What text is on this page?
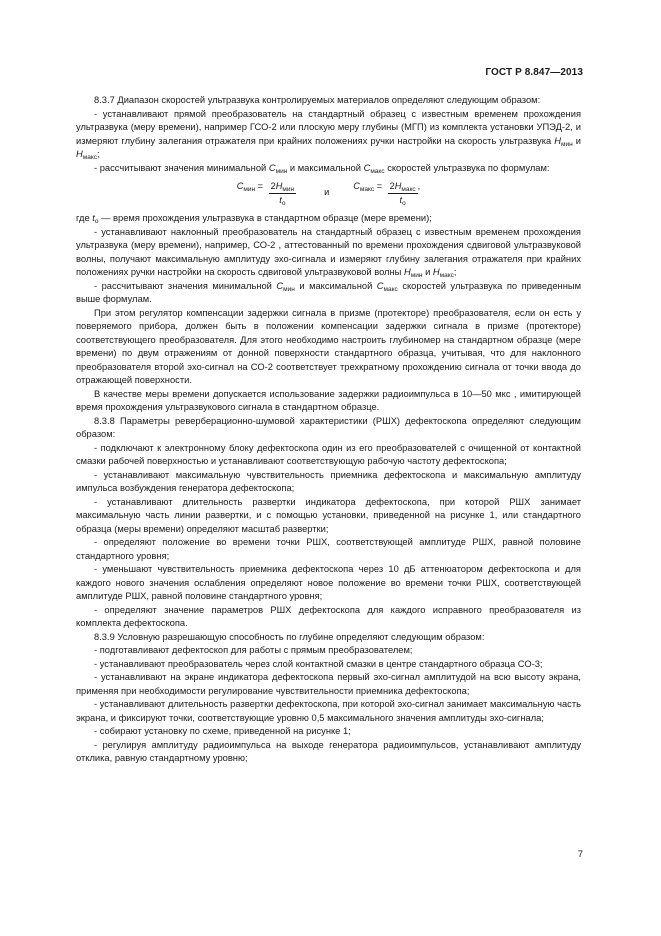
ГОСТ Р 8.847—2013

8.3.7 Диапазон скоростей ультразвука контролируемых материалов определяют следующим образом:

- устанавливают прямой преобразователь на стандартный образец с известным временем прохождения ультразвука (меру времени), например ГСО-2 или плоскую меру глубины (МГП) из комплекта установки УПЭД-2, и измеряют глубину залегания отражателя при крайних положениях ручки настройки на скорость ультразвука $H_{мин}$ и $H_{макс}$;

- рассчитывают значения минимальной $C_{мин}$ и максимальной $C_{макс}$ скоростей ультразвука по формулам:

$C_{мин} = \frac{2H_{мин}}{t_o}$	и
$C_{макс} = \frac{2H_{макс}}{t_o}$ ,

где $t_o$ — время прохождения ультразвука в стандартном образце (мере времени);

- устанавливают наклонный преобразователь на стандартный образец с известным временем прохождения ультразвука (меру времени), например, СО-2 , аттестованный по времени прохождения сдвиговой ультразвуковой волны, получают максимальную амплитуду эхо-сигнала и измеряют глубину залегания отражателя при крайних положениях ручки настройки на скорость сдвиговой ультразвуковой волны $H_{мин}$ и $H_{макс}$;

- рассчитывают значения минимальной $C_{мин}$ и максимальной $C_{макс}$ скоростей ультразвука по приведенным выше формулам.

При этом регулятор компенсации задержки сигнала в призме (протекторе) преобразователя, если он есть у поверяемого прибора, должен быть в положении компенсации задержки сигнала в призме (протекторе) соответствующего преобразователя. Для этого необходимо настроить глубиномер на стандартном образце (мере времени) по двум отражениям от донной поверхности стандартного образца, учитывая, что для наклонного преобразователя второй эхо-сигнал на СО-2 соответствует трехкратному прохождению сигнала от точки ввода до отражающей поверхности.

В качестве меры времени допускается использование задержки радиоимпульса в 10—50 мкс , имитирующей время прохождения ультразвукового сигнала в стандартном образце.

8.3.8 Параметры реверберационно-шумовой характеристики (РШХ) дефектоскопа определяют следующим образом:

- подключают к электронному блоку дефектоскопа один из его преобразователей с очищенной от контактной смазки рабочей поверхностью и устанавливают соответствующую рабочую частоту дефектоскопа;

- устанавливают максимальную чувствительность приемника дефектоскопа и максимальную амплитуду импульса возбуждения генератора дефектоскопа;

- устанавливают длительность развертки индикатора дефектоскопа, при которой РШХ занимает максимальную часть линии развертки, и с помощью установки, приведенной на рисунке 1, или стандартного образца (меры времени) определяют масштаб развертки;

- определяют положение во времени точки РШХ, соответствующей амплитуде РШХ, равной половине стандартного уровня;

- уменьшают чувствительность приемника дефектоскопа через 10 дБ аттенюатором дефектоскопа и для каждого нового значения ослабления определяют новое положение во времени точки РШХ, соответствующей амплитуде РШХ, равной половине стандартного уровня;

- определяют значение параметров РШХ дефектоскопа для каждого исправного преобразователя из комплекта дефектоскопа.

8.3.9 Условную разрешающую способность по глубине определяют следующим образом:

- подготавливают дефектоскоп для работы с прямым преобразователем;

- устанавливают преобразователь через слой контактной смазки в центре стандартного образца СО-3;

- устанавливают на экране индикатора дефектоскопа первый эхо-сигнал амплитудой на всю высоту экрана, применяя при необходимости регулирование чувствительности приемника дефектоскопа;

- устанавливают длительность развертки дефектоскопа, при которой эхо-сигнал занимает максимальную часть экрана, и фиксируют точки, соответствующие уровню 0,5 максимального значения амплитуды эхо-сигнала;

- собирают установку по схеме, приведенной на рисунке 1;

- регулируя амплитуду радиоимпульса на выходе генератора радиоимпульсов, устанавливают амплитуду отклика, равную стандартному уровню;

7
